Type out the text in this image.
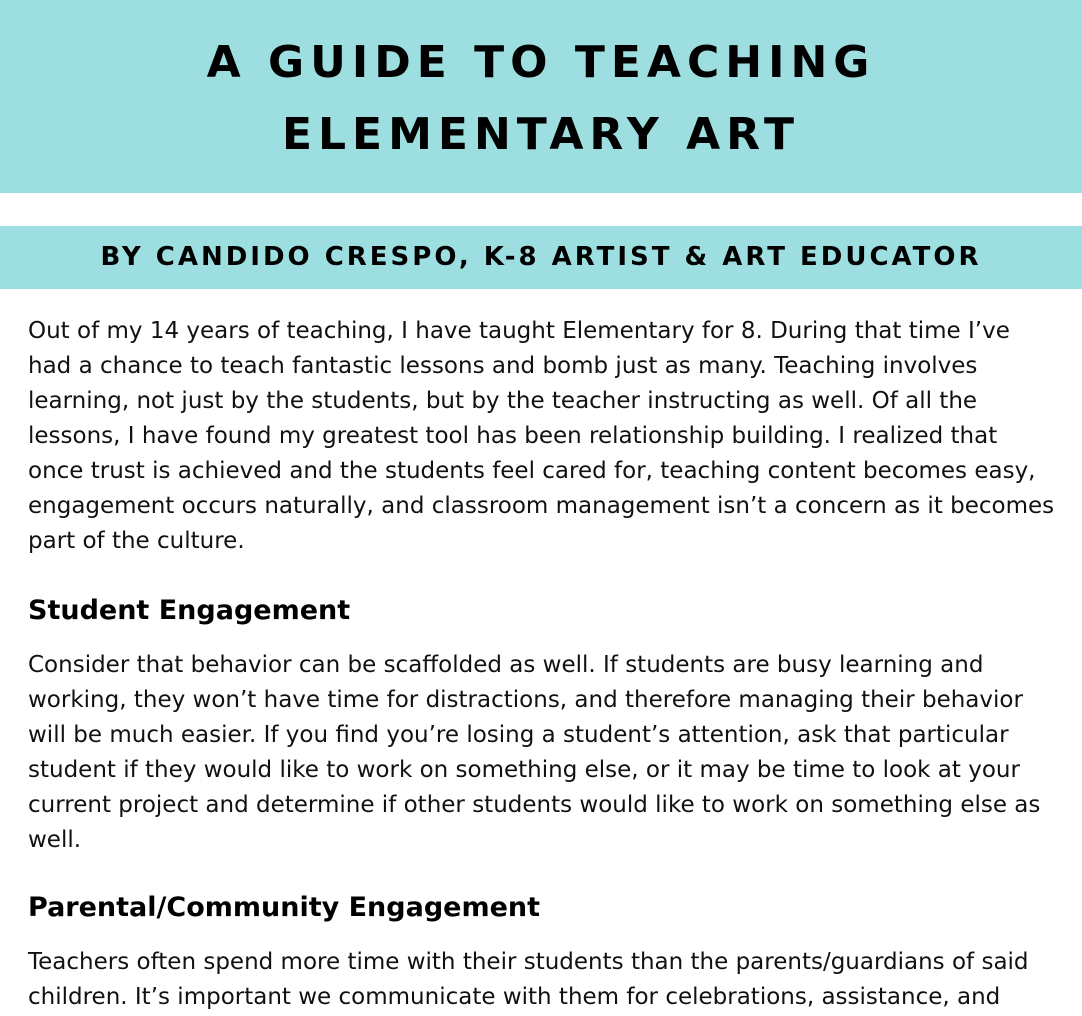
A GUIDE TO TEACHING
ELEMENTARY ART
BY CANDIDO CRESPO, K-8 ARTIST & ART EDUCATOR

Out of my 14 years of teaching, I have taught Elementary for 8. During that time I’ve had a chance to teach fantastic lessons and bomb just as many. Teaching involves learning, not just by the students, but by the teacher instructing as well. Of all the lessons, I have found my greatest tool has been relationship building. I realized that once trust is achieved and the students feel cared for, teaching content becomes easy, engagement occurs naturally, and classroom management isn’t a concern as it becomes part of the culture.

Student Engagement

Consider that behavior can be scaffolded as well. If students are busy learning and working, they won’t have time for distractions, and therefore managing their behavior will be much easier. If you find you’re losing a student’s attention, ask that particular student if they would like to work on something else, or it may be time to look at your current project and determine if other students would like to work on something else as well.

Parental/Community Engagement

Teachers often spend more time with their students than the parents/guardians of said children. It’s important we communicate with them for celebrations, assistance, and
